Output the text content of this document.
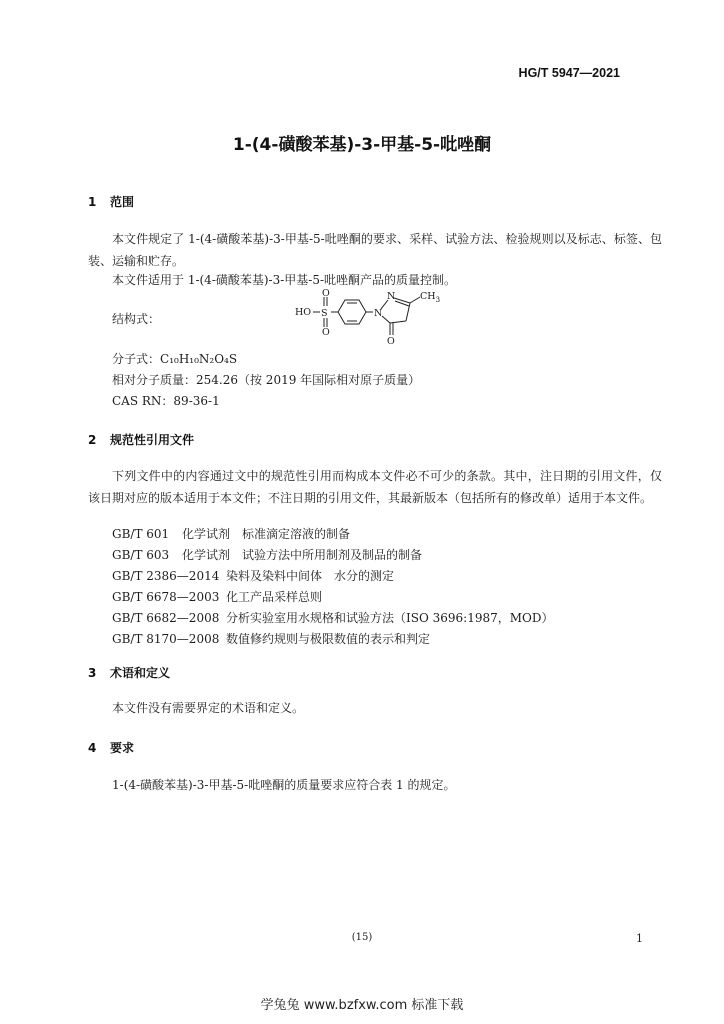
HG/T 5947—2021
1-(4-磺酸苯基)-3-甲基-5-吡唑酮
1 范围
本文件规定了 1-(4-磺酸苯基)-3-甲基-5-吡唑酮的要求、采样、试验方法、检验规则以及标志、标签、包装、运输和贮存。
本文件适用于 1-(4-磺酸苯基)-3-甲基-5-吡唑酮产品的质量控制。
结构式：	HO S
O
O
N
N
O
$CH_3$
分子式：C₁₀H₁₀N₂O₄S
相对分子质量：254.26（按 2019 年国际相对原子质量）
CAS RN：89-36-1
2 规范性引用文件
下列文件中的内容通过文中的规范性引用而构成本文件必不可少的条款。其中，注日期的引用文件，仅该日期对应的版本适用于本文件；不注日期的引用文件，其最新版本（包括所有的修改单）适用于本文件。
GB/T 601 化学试剂　标准滴定溶液的制备
GB/T 603 化学试剂　试验方法中所用制剂及制品的制备
GB/T 2386—2014 染料及染料中间体　水分的测定
GB/T 6678—2003 化工产品采样总则
GB/T 6682—2008 分析实验室用水规格和试验方法（ISO 3696:1987，MOD）
GB/T 8170—2008 数值修约规则与极限数值的表示和判定
3 术语和定义
本文件没有需要界定的术语和定义。
4 要求
1-(4-磺酸苯基)-3-甲基-5-吡唑酮的质量要求应符合表 1 的规定。
(15)	1
学兔兔 www.bzfxw.com 标准下载
